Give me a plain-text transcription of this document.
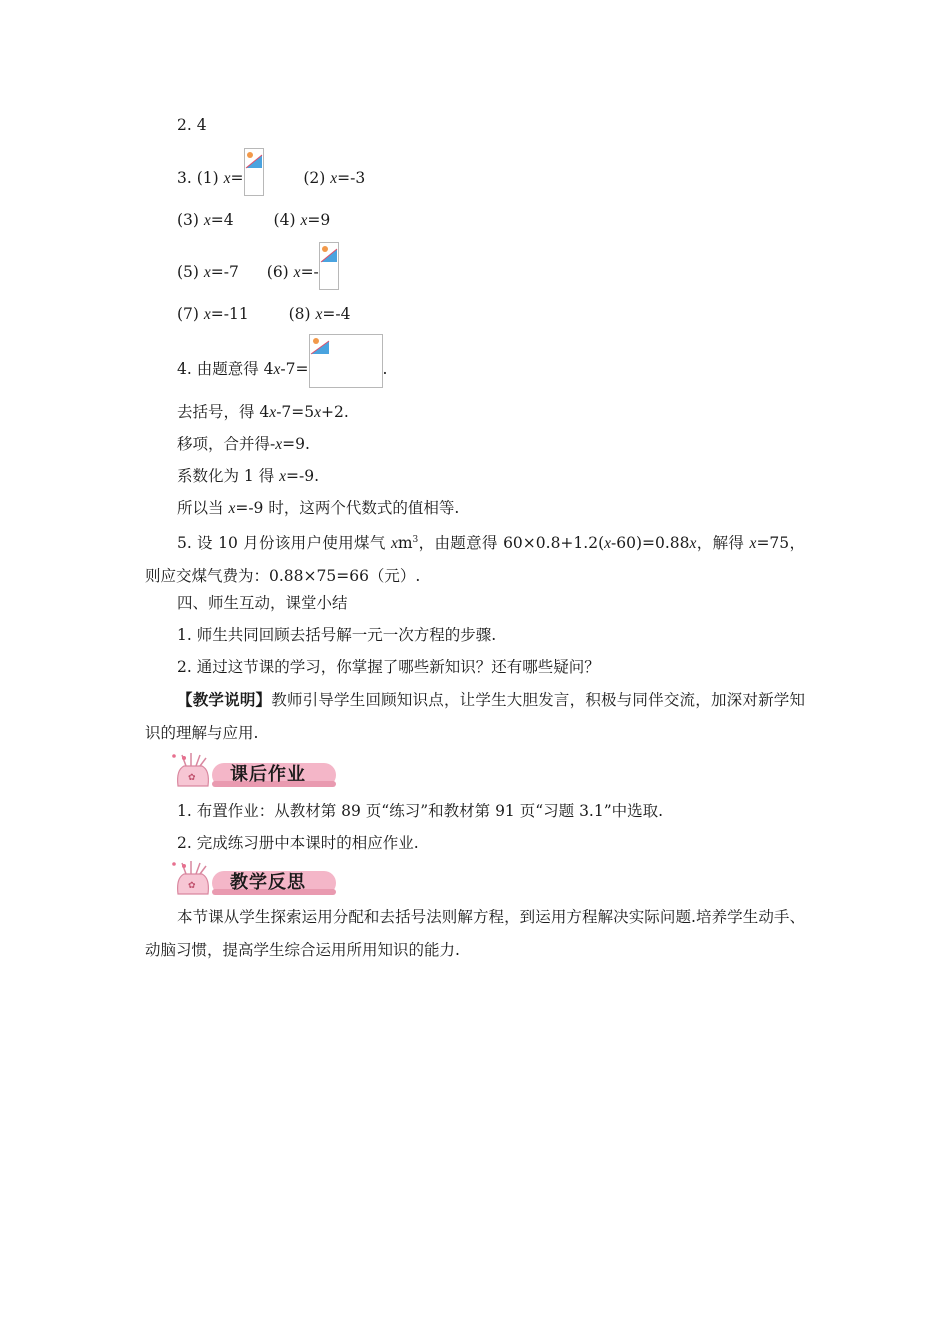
2. 4
3. (1) x=	(2) x=-3
(3) x=4	(4) x=9
(5) x=-7 (6) x=-
(7) x=-11	(8) x=-4
4. 由题意得 4x-7=	.
去括号，得 4x-7=5x+2.
移项，合并得-x=9.
系数化为 1 得 x=-9.
所以当 x=-9 时，这两个代数式的值相等.
5. 设 10 月份该用户使用煤气 $xm^3$，由题意得 60×0.8+1.2(x-60)=0.88x，解得 x=75，则应交煤气费为：0.88×75=66（元）.
四、师生互动，课堂小结
1. 师生共同回顾去括号解一元一次方程的步骤.
2. 通过这节课的学习，你掌握了哪些新知识？还有哪些疑问？
【教学说明】教师引导学生回顾知识点，让学生大胆发言，积极与同伴交流，加深对新学知识的理解与应用.
✿ 课后作业
1. 布置作业：从教材第 89 页“练习”和教材第 91 页“习题 3.1”中选取.
2. 完成练习册中本课时的相应作业.
✿ 教学反思
本节课从学生探索运用分配和去括号法则解方程，到运用方程解决实际问题.培养学生动手、动脑习惯，提高学生综合运用所用知识的能力.
